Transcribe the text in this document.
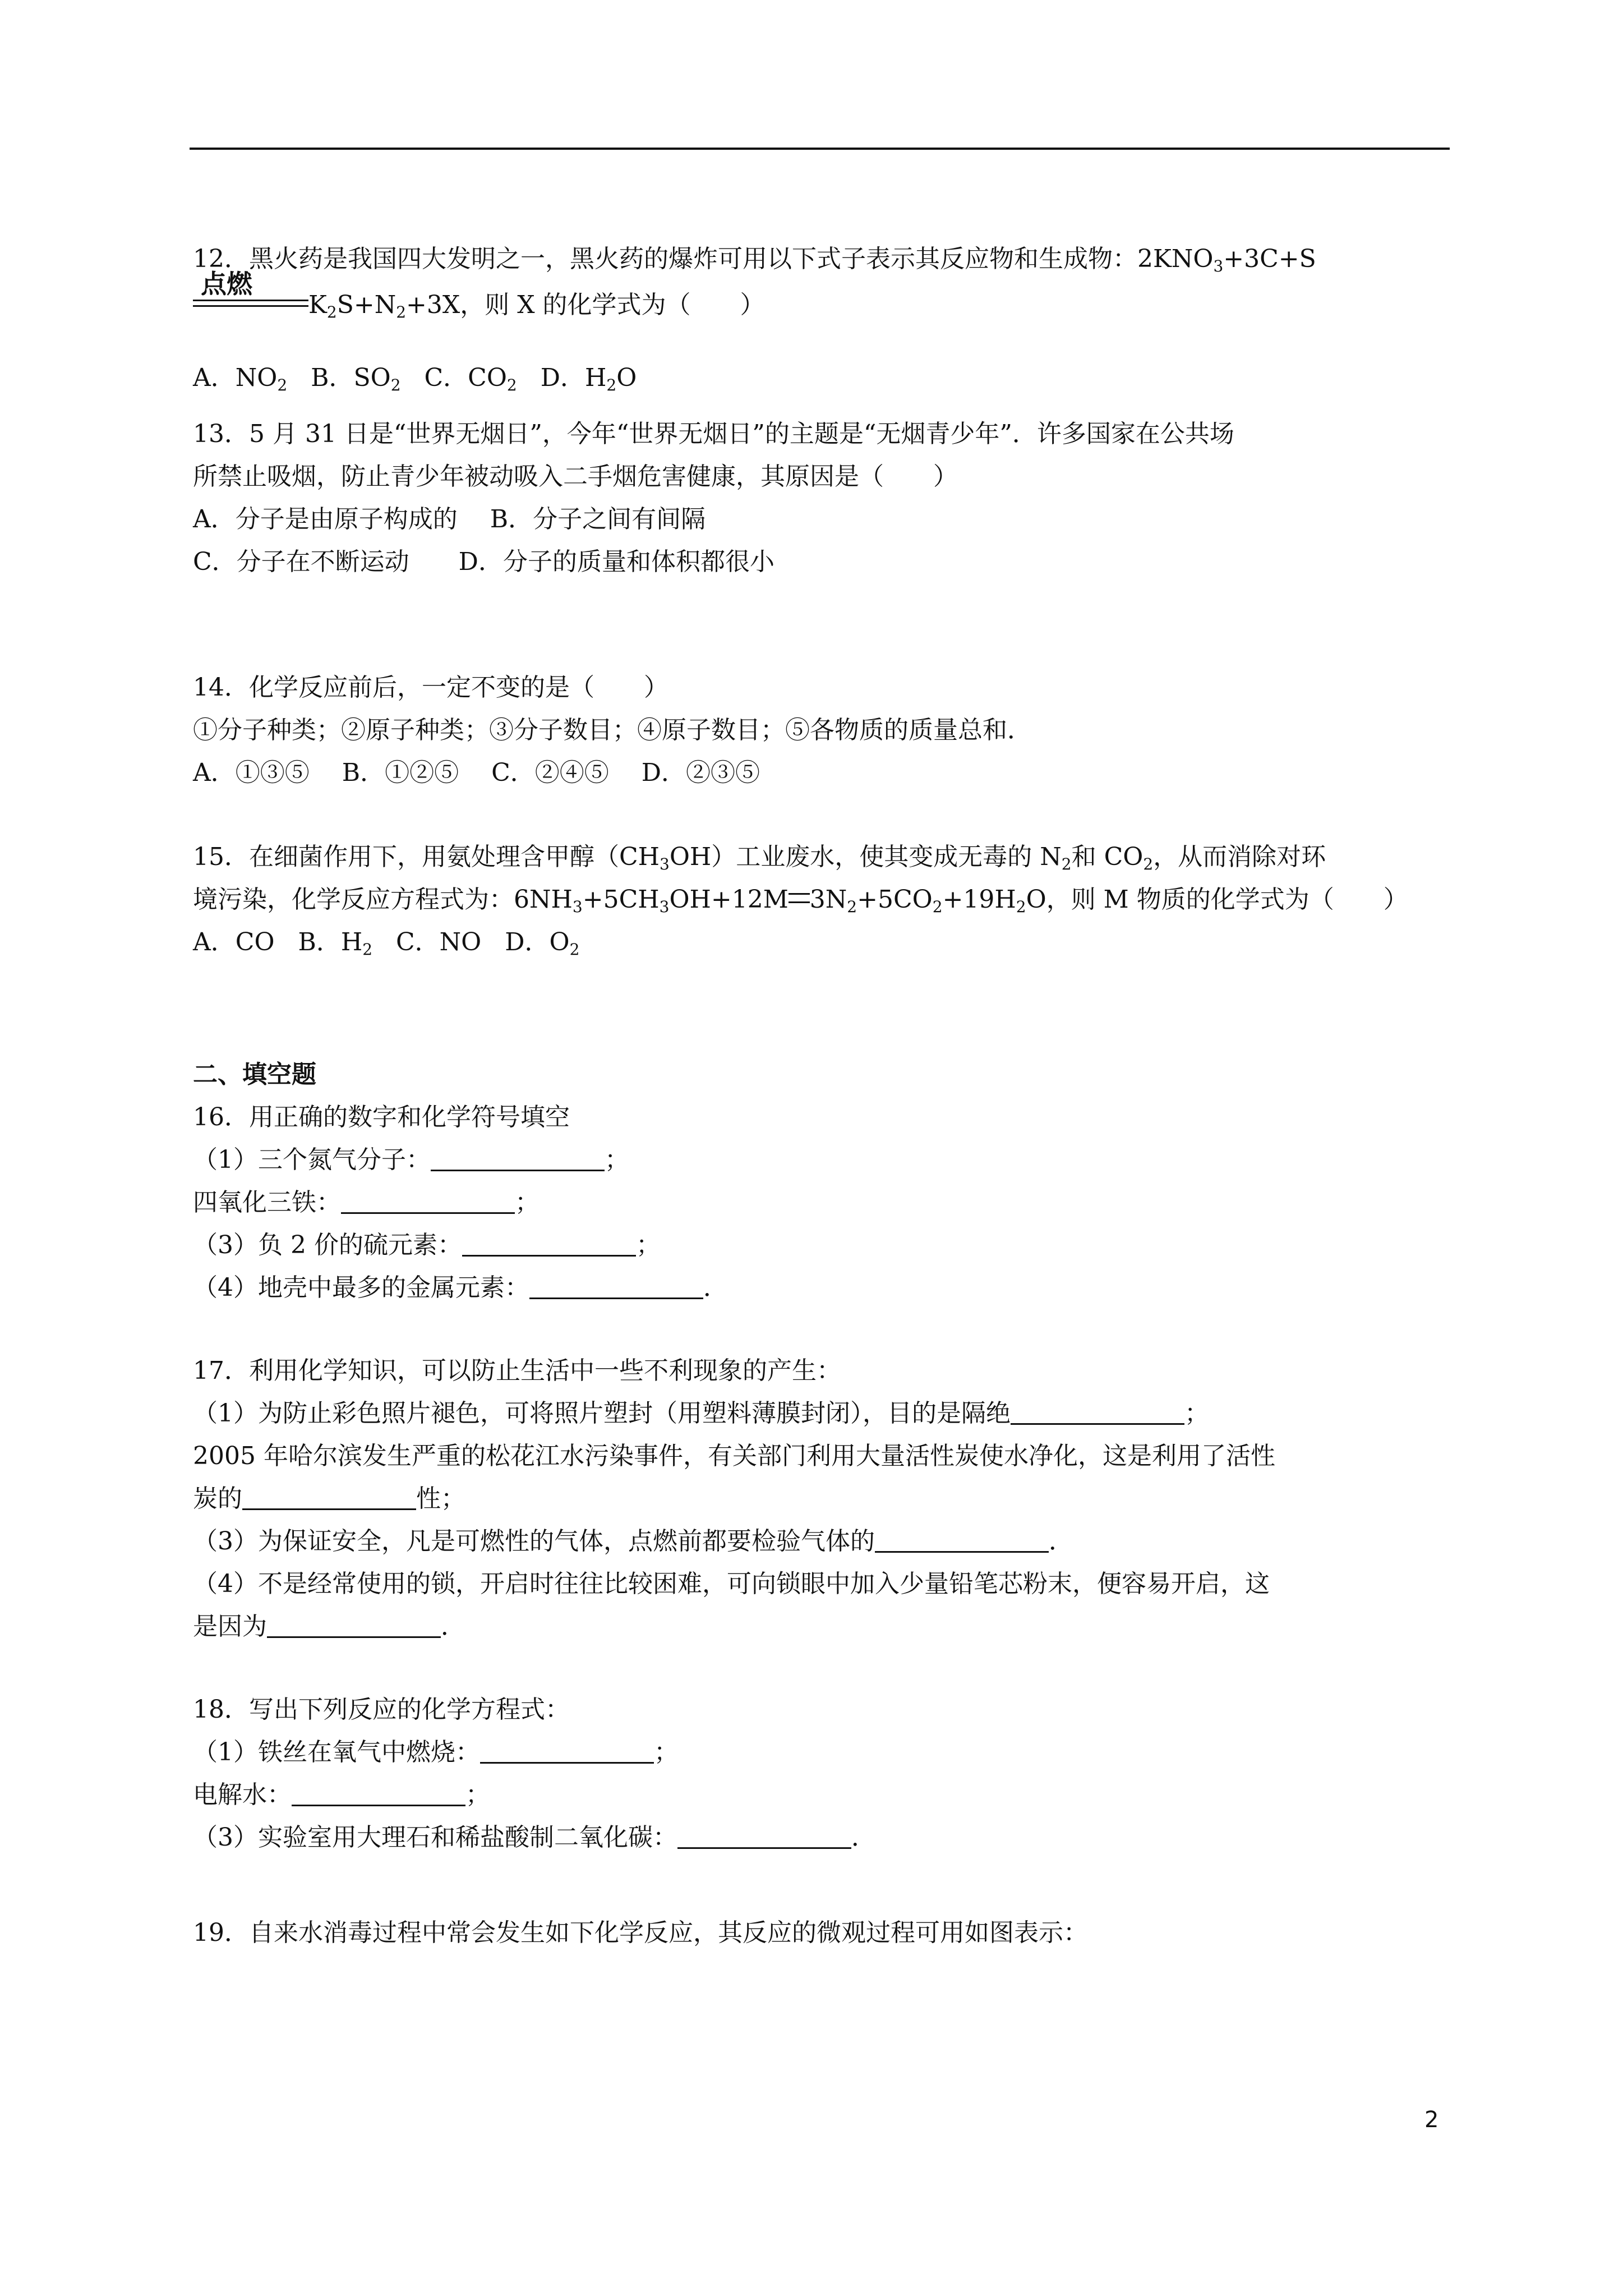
12．黑火药是我国四大发明之一，黑火药的爆炸可用以下式子表示其反应物和生成物：$2KNO_3+3C+S$
点燃
$K_2S+N_2+3X$，则 X 的化学式为（　　）
A．$NO_2$ B．$SO_2$ C．$CO_2$ D．$H_2O$
13．5 月 31 日是“世界无烟日”，今年“世界无烟日”的主题是“无烟青少年”．许多国家在公共场
所禁止吸烟，防止青少年被动吸入二手烟危害健康，其原因是（　　）
A．分子是由原子构成的　 B．分子之间有间隔
C．分子在不断运动　　D．分子的质量和体积都很小
14．化学反应前后，一定不变的是（　　）
①分子种类；②原子种类；③分子数目；④原子数目；⑤各物质的质量总和．
A．①③⑤　 B．①②⑤　 C．②④⑤　 D．②③⑤
15．在细菌作用下，用氨处理含甲醇$(CH_3OH)$工业废水，使其变成无毒的 $N_2$和 $CO_2$，从而消除对环
境污染，化学反应方程式为：$6NH_3+5CH_3OH+12M$ $3N_2+5CO_2+19H_2O$，则 M 物质的化学式为（　　）
A．CO B．$H_2$ C．NO D．$O_2$
二、填空题
16．用正确的数字和化学符号填空
（1）三个氮气分子：	；
四氧化三铁：	；
（3）负 2 价的硫元素：	；
（4）地壳中最多的金属元素：	．
17．利用化学知识，可以防止生活中一些不利现象的产生：
（1）为防止彩色照片褪色，可将照片塑封（用塑料薄膜封闭），目的是隔绝	；
2005 年哈尔滨发生严重的松花江水污染事件，有关部门利用大量活性炭使水净化，这是利用了活性
炭的	性；
（3）为保证安全，凡是可燃性的气体，点燃前都要检验气体的	．
（4）不是经常使用的锁，开启时往往比较困难，可向锁眼中加入少量铅笔芯粉末，便容易开启，这
是因为	．
18．写出下列反应的化学方程式：
（1）铁丝在氧气中燃烧：	；
电解水：	；
（3）实验室用大理石和稀盐酸制二氧化碳：	．
19．自来水消毒过程中常会发生如下化学反应，其反应的微观过程可用如图表示：
2
